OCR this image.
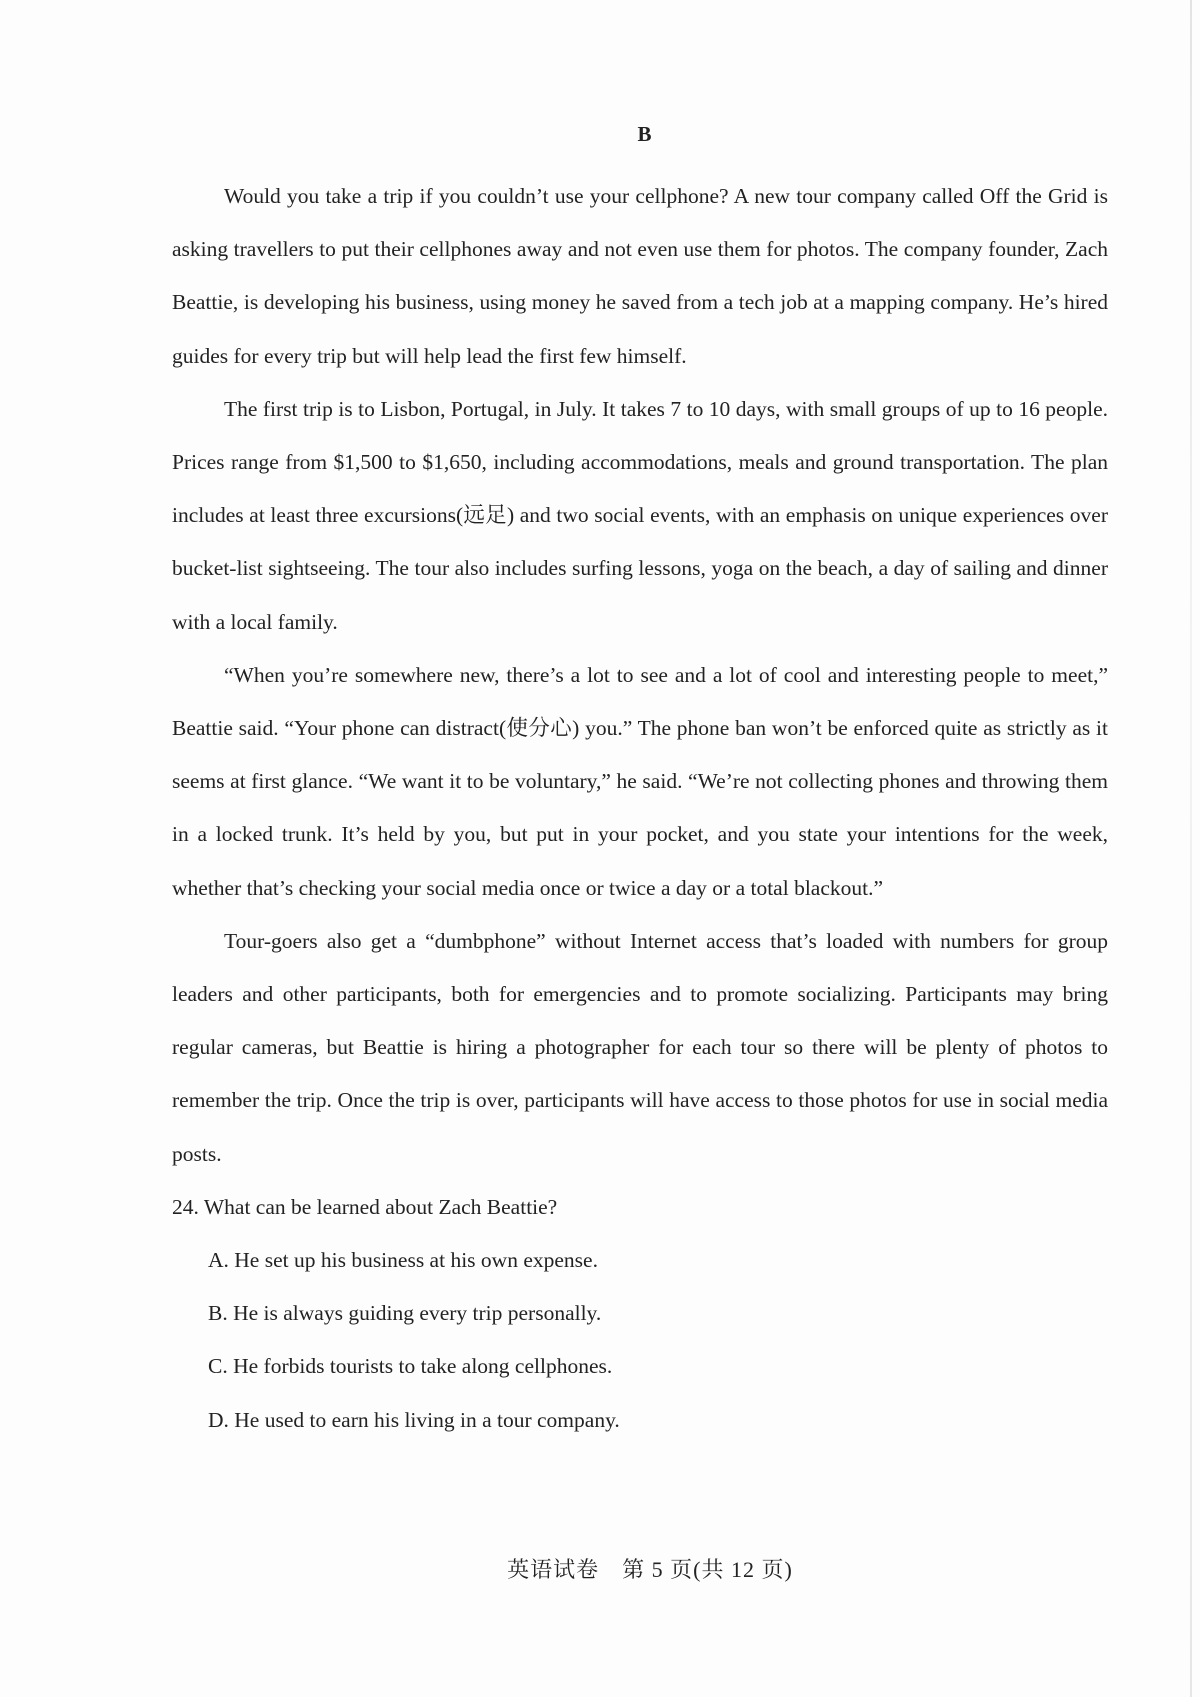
B

Would you take a trip if you couldn’t use your cellphone? A new tour company called Off the Grid is asking travellers to put their cellphones away and not even use them for photos. The company founder, Zach Beattie, is developing his business, using money he saved from a tech job at a mapping company. He’s hired guides for every trip but will help lead the first few himself.

The first trip is to Lisbon, Portugal, in July. It takes 7 to 10 days, with small groups of up to 16 people. Prices range from $1,500 to $1,650, including accommodations, meals and ground transportation. The plan includes at least three excursions(远足) and two social events, with an emphasis on unique experiences over bucket-list sightseeing. The tour also includes surfing lessons, yoga on the beach, a day of sailing and dinner with a local family.

“When you’re somewhere new, there’s a lot to see and a lot of cool and interesting people to meet,” Beattie said. “Your phone can distract(使分心) you.” The phone ban won’t be enforced quite as strictly as it seems at first glance. “We want it to be voluntary,” he said. “We’re not collecting phones and throwing them in a locked trunk. It’s held by you, but put in your pocket, and you state your intentions for the week, whether that’s checking your social media once or twice a day or a total blackout.”

Tour-goers also get a “dumbphone” without Internet access that’s loaded with numbers for group leaders and other participants, both for emergencies and to promote socializing. Participants may bring regular cameras, but Beattie is hiring a photographer for each tour so there will be plenty of photos to remember the trip. Once the trip is over, participants will have access to those photos for use in social media posts.

24. What can be learned about Zach Beattie?
A. He set up his business at his own expense.
B. He is always guiding every trip personally.
C. He forbids tourists to take along cellphones.
D. He used to earn his living in a tour company.
英语试卷　第 5 页(共 12 页)
